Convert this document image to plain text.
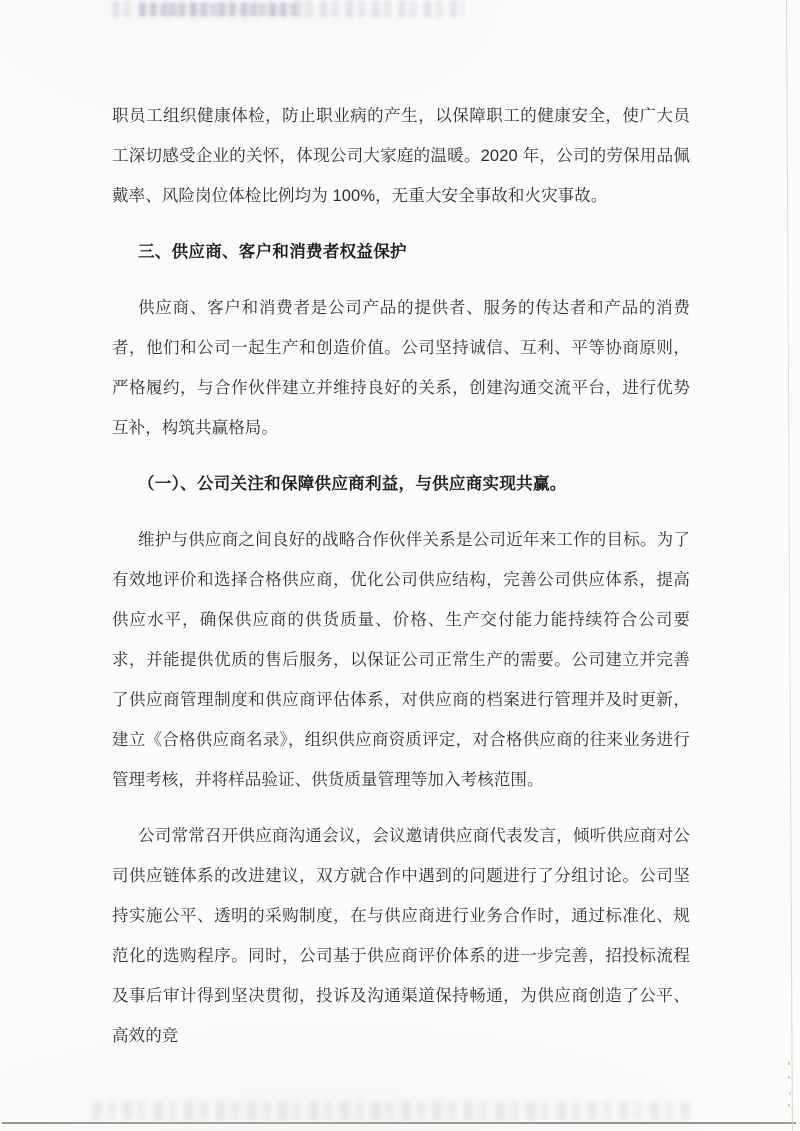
职员工组织健康体检，防止职业病的产生，以保障职工的健康安全，使广大员工深切感受企业的关怀，体现公司大家庭的温暖。2020 年，公司的劳保用品佩戴率、风险岗位体检比例均为 100%，无重大安全事故和火灾事故。

三、供应商、客户和消费者权益保护

供应商、客户和消费者是公司产品的提供者、服务的传达者和产品的消费者，他们和公司一起生产和创造价值。公司坚持诚信、互利、平等协商原则，严格履约，与合作伙伴建立并维持良好的关系，创建沟通交流平台，进行优势互补，构筑共赢格局。

（一）、公司关注和保障供应商利益，与供应商实现共赢。

维护与供应商之间良好的战略合作伙伴关系是公司近年来工作的目标。为了有效地评价和选择合格供应商，优化公司供应结构，完善公司供应体系，提高供应水平，确保供应商的供货质量、价格、生产交付能力能持续符合公司要求，并能提供优质的售后服务，以保证公司正常生产的需要。公司建立并完善了供应商管理制度和供应商评估体系，对供应商的档案进行管理并及时更新，建立《合格供应商名录》，组织供应商资质评定，对合格供应商的往来业务进行管理考核，并将样品验证、供货质量管理等加入考核范围。

公司常常召开供应商沟通会议，会议邀请供应商代表发言，倾听供应商对公司供应链体系的改进建议，双方就合作中遇到的问题进行了分组讨论。公司坚持实施公平、透明的采购制度，在与供应商进行业务合作时，通过标准化、规范化的选购程序。同时，公司基于供应商评价体系的进一步完善，招投标流程及事后审计得到坚决贯彻，投诉及沟通渠道保持畅通，为供应商创造了公平、高效的竞
